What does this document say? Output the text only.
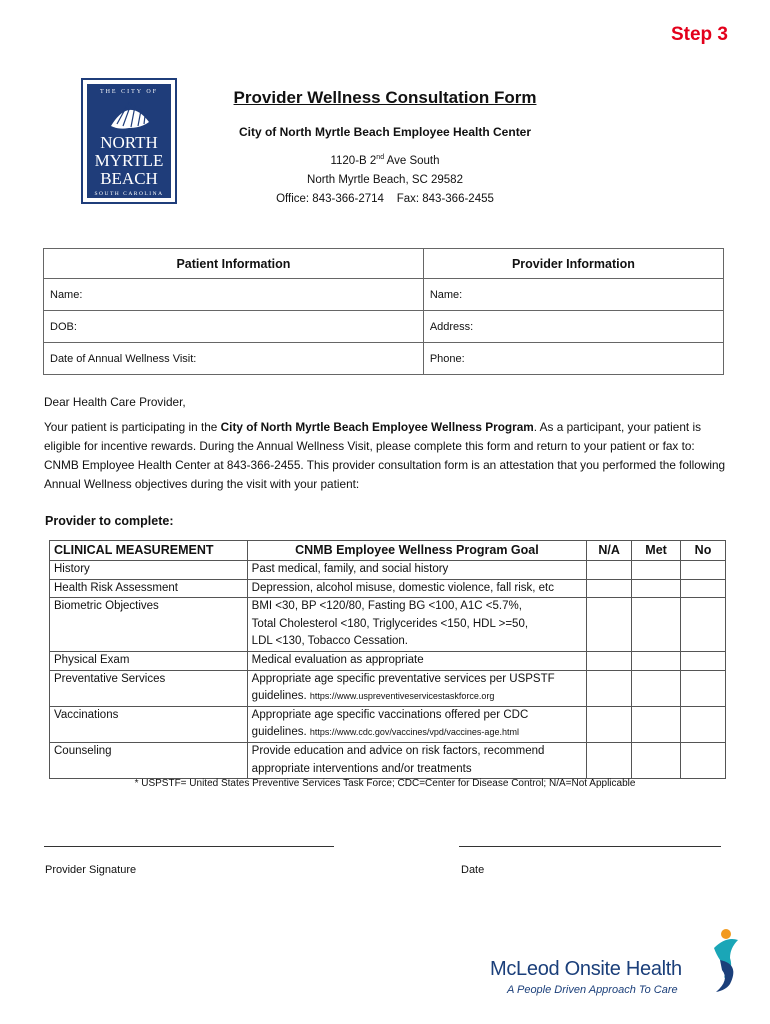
Step 3
THE CITY OF
NORTH
MYRTLE
BEACH
SOUTH CAROLINA
Provider Wellness Consultation Form
City of North Myrtle Beach Employee Health Center
1120-B 2nd Ave South
North Myrtle Beach, SC 29582
Office: 843-366-2714    Fax: 843-366-2455
Patient Information	Provider Information
Name:	Name:
DOB:	Address:
Date of Annual Wellness Visit:	Phone:
Dear Health Care Provider,
Your patient is participating in the City of North Myrtle Beach Employee Wellness Program. As a participant, your patient is eligible for incentive rewards. During the Annual Wellness Visit, please complete this form and return to your patient or fax to: CNMB Employee Health Center at 843-366-2455. This provider consultation form is an attestation that you performed the following Annual Wellness objectives during the visit with your patient:
Provider to complete:
CLINICAL MEASUREMENT	CNMB Employee Wellness Program Goal	N/A	Met	No
History	Past medical, family, and social history			

Health Risk Assessment	Depression, alcohol misuse, domestic violence, fall risk, etc			

Biometric Objectives	BMI <30, BP <120/80, Fasting BG <100, A1C <5.7%,
Total Cholesterol <180, Triglycerides <150, HDL >=50,
LDL <130, Tobacco Cessation.			

Physical Exam	Medical evaluation as appropriate			

Preventative Services	Appropriate age specific preventative services per USPSTF
guidelines. https://www.uspreventiveservicestaskforce.org			

Vaccinations	Appropriate age specific vaccinations offered per CDC
guidelines. https://www.cdc.gov/vaccines/vpd/vaccines-age.html			

Counseling	Provide education and advice on risk factors, recommend
appropriate interventions and/or treatments			

* USPSTF= United States Preventive Services Task Force; CDC=Center for Disease Control; N/A=Not Applicable
Provider Signature	Date
McLeod Onsite Health
A People Driven Approach To Care
